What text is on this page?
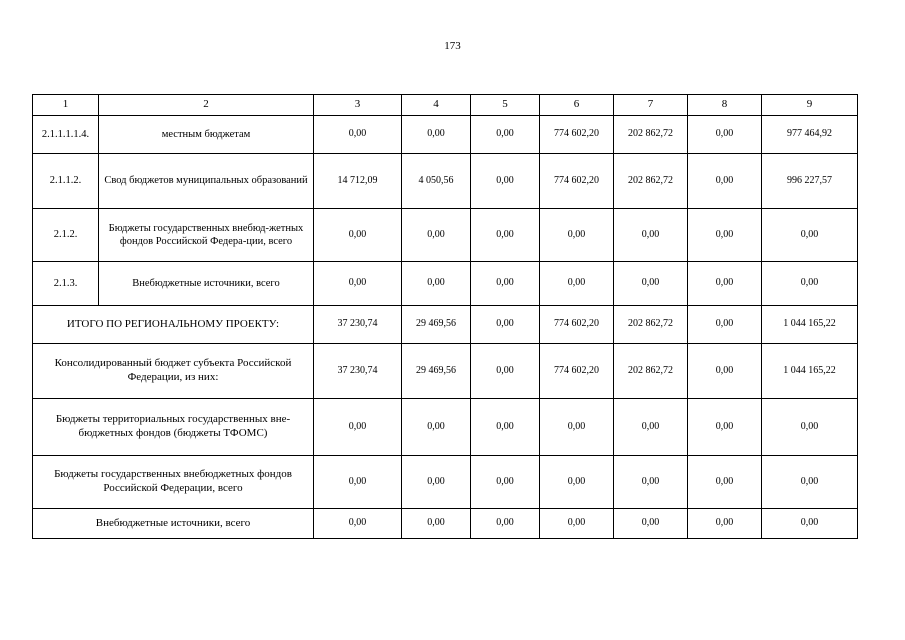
173
1	2	3	4	5	6	7	8	9
2.1.1.1.1.4.	местным бюджетам	0,00	0,00	0,00	774 602,20	202 862,72	0,00	977 464,92
2.1.1.2.	Свод бюджетов муниципальных образований	14 712,09	4 050,56	0,00	774 602,20	202 862,72	0,00	996 227,57
2.1.2.	Бюджеты государственных внебюд-жетных фондов Российской Федера-ции, всего	0,00	0,00	0,00	0,00	0,00	0,00	0,00
2.1.3.	Внебюджетные источники, всего	0,00	0,00	0,00	0,00	0,00	0,00	0,00
ИТОГО ПО РЕГИОНАЛЬНОМУ ПРОЕКТУ:		37 230,74	29 469,56	0,00	774 602,20	202 862,72	0,00	1 044 165,22
Консолидированный бюджет субъекта Российской Федерации, из них:		37 230,74	29 469,56	0,00	774 602,20	202 862,72	0,00	1 044 165,22
Бюджеты территориальных государственных вне-бюджетных фондов (бюджеты ТФОМС)		0,00	0,00	0,00	0,00	0,00	0,00	0,00
Бюджеты государственных внебюджетных фондов Российской Федерации, всего		0,00	0,00	0,00	0,00	0,00	0,00	0,00
Внебюджетные источники, всего		0,00	0,00	0,00	0,00	0,00	0,00	0,00
